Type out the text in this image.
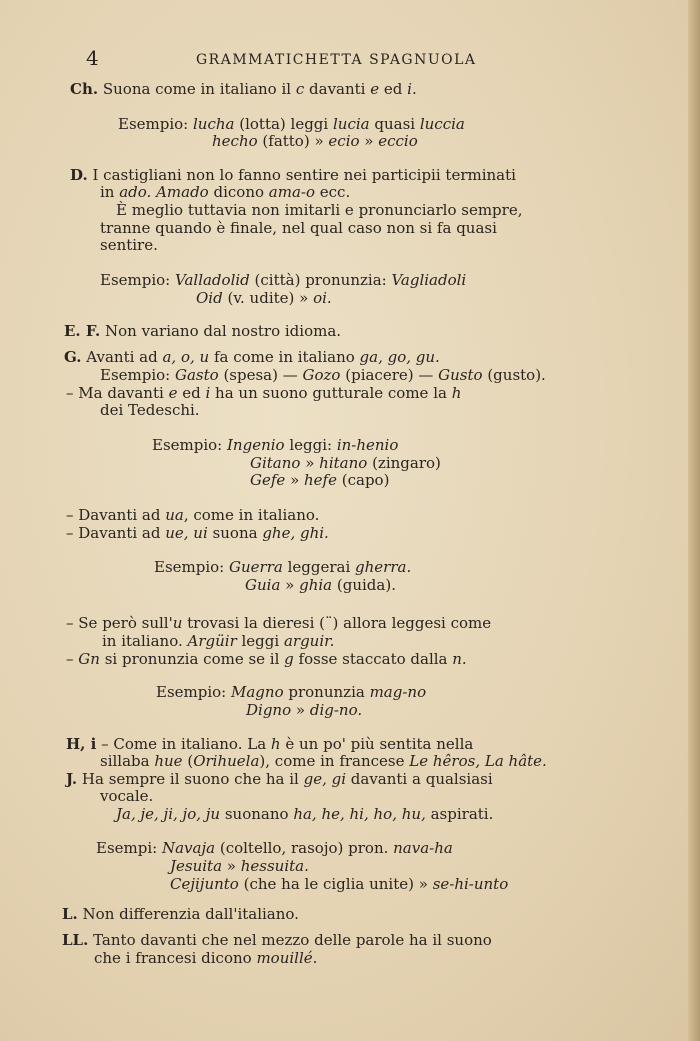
4	GRAMMATICHETTA SPAGNUOLA
Ch. Suona come in italiano il c davanti e ed i.
Esempio: lucha (lotta) leggi lucia quasi luccia
hecho (fatto) » ecio » eccio
D. I castigliani non lo fanno sentire nei participii terminati
in ado. Amado dicono ama-o ecc.
È meglio tuttavia non imitarli e pronunciarlo sempre,
tranne quando è finale, nel qual caso non si fa quasi
sentire.
Esempio: Valladolid (città) pronunzia: Vagliadoli
Oid (v. udite) » oi.
E. F. Non variano dal nostro idioma.
G. Avanti ad a, o, u fa come in italiano ga, go, gu.
Esempio: Gasto (spesa) — Gozo (piacere) — Gusto (gusto).
– Ma davanti e ed i ha un suono gutturale come la h
dei Tedeschi.
Esempio: Ingenio leggi: in-henio
Gitano » hitano (zingaro)
Gefe » hefe (capo)
– Davanti ad ua, come in italiano.
– Davanti ad ue, ui suona ghe, ghi.
Esempio: Guerra leggerai gherra.
Guia » ghia (guida).
– Se però sull'u trovasi la dieresi (¨) allora leggesi come
in italiano. Argüir leggi arguir.
– Gn si pronunzia come se il g fosse staccato dalla n.
Esempio: Magno pronunzia mag-no
Digno » dig-no.
H, i – Come in italiano. La h è un po' più sentita nella
sillaba hue (Orihuela), come in francese Le hêros, La hâte.
J. Ha sempre il suono che ha il ge, gi davanti a qualsiasi
vocale.
Ja, je, ji, jo, ju suonano ha, he, hi, ho, hu, aspirati.
Esempi: Navaja (coltello, rasojo) pron. nava-ha
Jesuita » hessuita.
Cejijunto (che ha le ciglia unite) » se-hi-unto
L. Non differenzia dall'italiano.
LL. Tanto davanti che nel mezzo delle parole ha il suono
che i francesi dicono mouillé.
